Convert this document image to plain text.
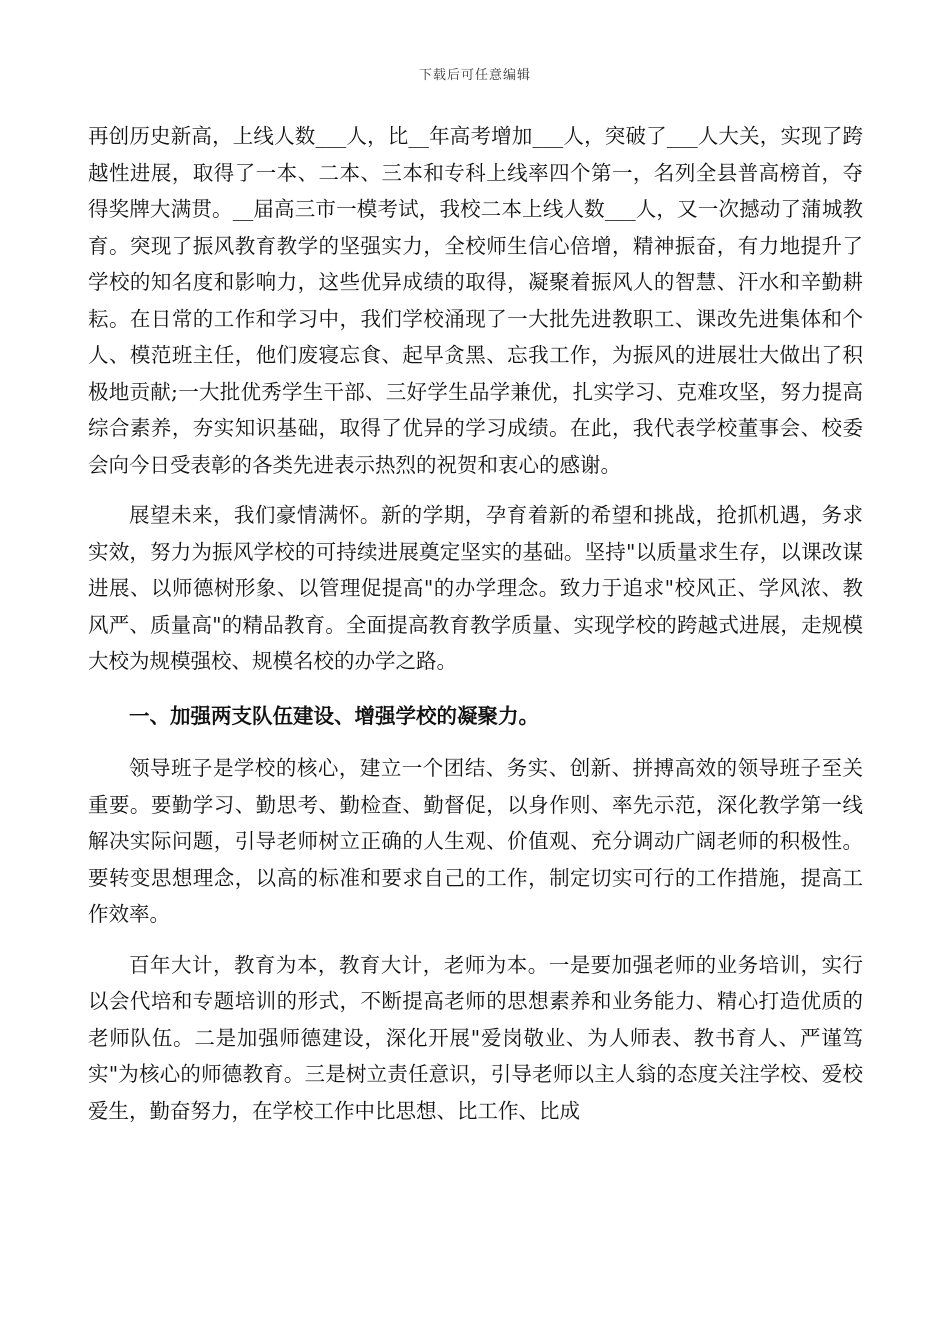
下载后可任意编辑

再创历史新高，上线人数___人，比__年高考增加___人，突破了___人大关，实现了跨越性进展，取得了一本、二本、三本和专科上线率四个第一，名列全县普高榜首，夺得奖牌大满贯。__届高三市一模考试，我校二本上线人数___人，又一次撼动了蒲城教育。突现了振风教育教学的坚强实力，全校师生信心倍增，精神振奋，有力地提升了学校的知名度和影响力，这些优异成绩的取得，凝聚着振风人的智慧、汗水和辛勤耕耘。在日常的工作和学习中，我们学校涌现了一大批先进教职工、课改先进集体和个人、模范班主任，他们废寝忘食、起早贪黑、忘我工作，为振风的进展壮大做出了积极地贡献;一大批优秀学生干部、三好学生品学兼优，扎实学习、克难攻坚，努力提高综合素养，夯实知识基础，取得了优异的学习成绩。在此，我代表学校董事会、校委会向今日受表彰的各类先进表示热烈的祝贺和衷心的感谢。

展望未来，我们豪情满怀。新的学期，孕育着新的希望和挑战，抢抓机遇，务求实效，努力为振风学校的可持续进展奠定坚实的基础。坚持"以质量求生存，以课改谋进展、以师德树形象、以管理促提高"的办学理念。致力于追求"校风正、学风浓、教风严、质量高"的精品教育。全面提高教育教学质量、实现学校的跨越式进展，走规模大校为规模强校、规模名校的办学之路。

一、加强两支队伍建设、增强学校的凝聚力。

领导班子是学校的核心，建立一个团结、务实、创新、拼搏高效的领导班子至关重要。要勤学习、勤思考、勤检查、勤督促，以身作则、率先示范，深化教学第一线解决实际问题，引导老师树立正确的人生观、价值观、充分调动广阔老师的积极性。要转变思想理念，以高的标准和要求自己的工作，制定切实可行的工作措施，提高工作效率。

百年大计，教育为本，教育大计，老师为本。一是要加强老师的业务培训，实行以会代培和专题培训的形式，不断提高老师的思想素养和业务能力、精心打造优质的老师队伍。二是加强师德建设，深化开展"爱岗敬业、为人师表、教书育人、严谨笃实"为核心的师德教育。三是树立责任意识，引导老师以主人翁的态度关注学校、爱校爱生，勤奋努力，在学校工作中比思想、比工作、比成
